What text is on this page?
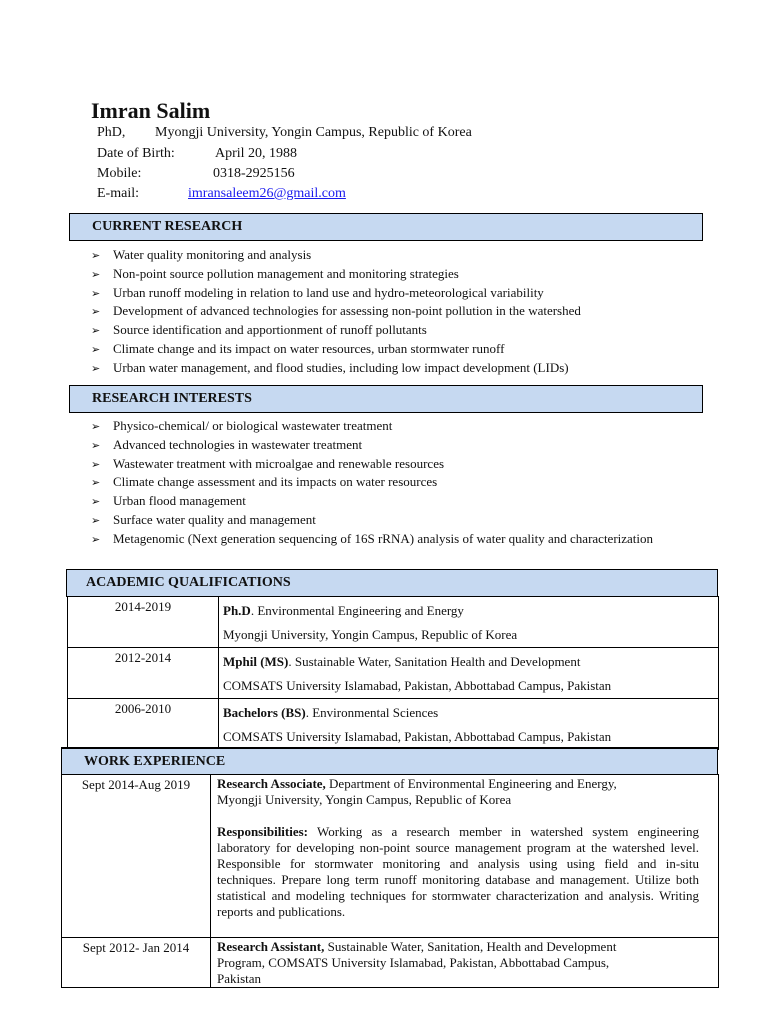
Imran Salim
PhD, Myongji University, Yongin Campus, Republic of Korea
Date of Birth:	April 20, 1988
Mobile:	0318-2925156
E-mail:	imransaleem26@gmail.com
CURRENT RESEARCH
➢ Water quality monitoring and analysis
➢ Non-point source pollution management and monitoring strategies
➢ Urban runoff modeling in relation to land use and hydro-meteorological variability
➢ Development of advanced technologies for assessing non-point pollution in the watershed
➢ Source identification and apportionment of runoff pollutants
➢ Climate change and its impact on water resources, urban stormwater runoff
➢ Urban water management, and flood studies, including low impact development (LIDs)
RESEARCH INTERESTS
➢ Physico-chemical/ or biological wastewater treatment
➢ Advanced technologies in wastewater treatment
➢ Wastewater treatment with microalgae and renewable resources
➢ Climate change assessment and its impacts on water resources
➢ Urban flood management
➢ Surface water quality and management
➢ Metagenomic (Next generation sequencing of 16S rRNA) analysis of water quality and characterization
ACADEMIC QUALIFICATIONS
2014-2019	Ph.D. Environmental Engineering and Energy
Myongji University, Yongin Campus, Republic of Korea
2012-2014	Mphil (MS). Sustainable Water, Sanitation Health and Development
COMSATS University Islamabad, Pakistan, Abbottabad Campus, Pakistan
2006-2010	Bachelors (BS). Environmental Sciences
COMSATS University Islamabad, Pakistan, Abbottabad Campus, Pakistan
WORK EXPERIENCE
Sept 2014-Aug 2019	Research Associate, Department of Environmental Engineering and Energy,
Myongji University, Yongin Campus, Republic of Korea
Responsibilities: Working as a research member in watershed system engineering laboratory for developing non-point source management program at the watershed level. Responsible for stormwater monitoring and analysis using using field and in-situ techniques. Prepare long term runoff monitoring database and management. Utilize both statistical and modeling techniques for stormwater characterization and analysis. Writing reports and publications.

Sept 2012- Jan 2014	Research Assistant, Sustainable Water, Sanitation, Health and Development
Program, COMSATS University Islamabad, Pakistan, Abbottabad Campus,
Pakistan
